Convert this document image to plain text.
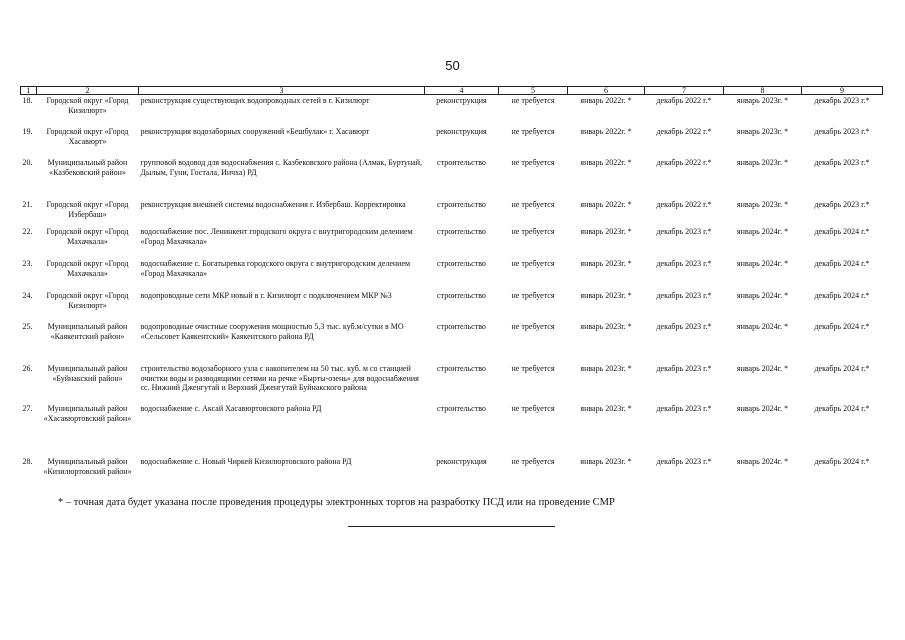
50
1	2	3	4	5	6	7	8	9
18.	Городской округ «Город Кизилюрт»	реконструкция существующих водопроводных сетей в г. Кизилюрт	реконструкция	не требуется	январь 2022г. *	декабрь 2022 г.*	январь 2023г. *	декабрь 2023 г.*
19.	Городской округ «Город Хасавюрт»	реконструкция водозаборных сооружений «Бешбулак» г. Хасавюрт	реконструкция	не требуется	январь 2022г. *	декабрь 2022 г.*	январь 2023г. *	декабрь 2023 г.*
20.	Муниципальный район «Казбековский район»	групповой водовод для водоснабжения с. Казбековского района (Алмак, Буртунай, Дылым, Гуни, Гостала, Инчха) РД	строительство	не требуется	январь 2022г. *	декабрь 2022 г.*	январь 2023г. *	декабрь 2023 г.*
21.	Городской округ «Город Избербаш»	реконструкция внешней системы водоснабжения г. Избербаш. Корректировка	строительство	не требуется	январь 2022г. *	декабрь 2022 г.*	январь 2023г. *	декабрь 2023 г.*
22.	Городской округ «Город Махачкала»	водоснабжение пос. Ленинкент городского округа с внутригородским делением «Город Махачкала»	строительство	не требуется	январь 2023г. *	декабрь 2023 г.*	январь 2024г. *	декабрь 2024 г.*
23.	Городской округ «Город Махачкала»	водоснабжение с. Богатыревка городского округа с внутригородским делением «Город Махачкала»	строительство	не требуется	январь 2023г. *	декабрь 2023 г.*	январь 2024г. *	декабрь 2024 г.*
24.	Городской округ «Город Кизилюрт»	водопроводные сети МКР новый в г. Кизилюрт с подключением МКР №3	строительство	не требуется	январь 2023г. *	декабрь 2023 г.*	январь 2024г. *	декабрь 2024 г.*
25.	Муниципальный район «Каякентский район»	водопроводные очистные сооружения мощностью 5,3 тыс. куб.м/сутки в МО «Сельсовет Каякентский» Каякентского района РД	строительство	не требуется	январь 2023г. *	декабрь 2023 г.*	январь 2024г. *	декабрь 2024 г.*
26.	Муниципальный район «Буйнакский район»	строительство водозаборного узла с накопителем на 50 тыс. куб. м со станцией очистки воды и разводящими сетями на речке «Бырты-озень» для водоснабжения сс. Нижний Дженгутай и Верхний Дженгутай Буйнакского района	строительство	не требуется	январь 2023г. *	декабрь 2023 г.*	январь 2024г. *	декабрь 2024 г.*
27.	Муниципальный район «Хасавюртовский район»	водоснабжение с. Аксай Хасавюртовского района РД	строительство	не требуется	январь 2023г. *	декабрь 2023 г.*	январь 2024г. *	декабрь 2024 г.*
28.	Муниципальный район «Кизилюртовский район»	водоснабжение с. Новый Чиркей Кизилюртовского района РД	реконструкция	не требуется	январь 2023г. *	декабрь 2023 г.*	январь 2024г. *	декабрь 2024 г.*
* – точная дата будет указана после проведения процедуры электронных торгов на разработку ПСД или на проведение СМР
